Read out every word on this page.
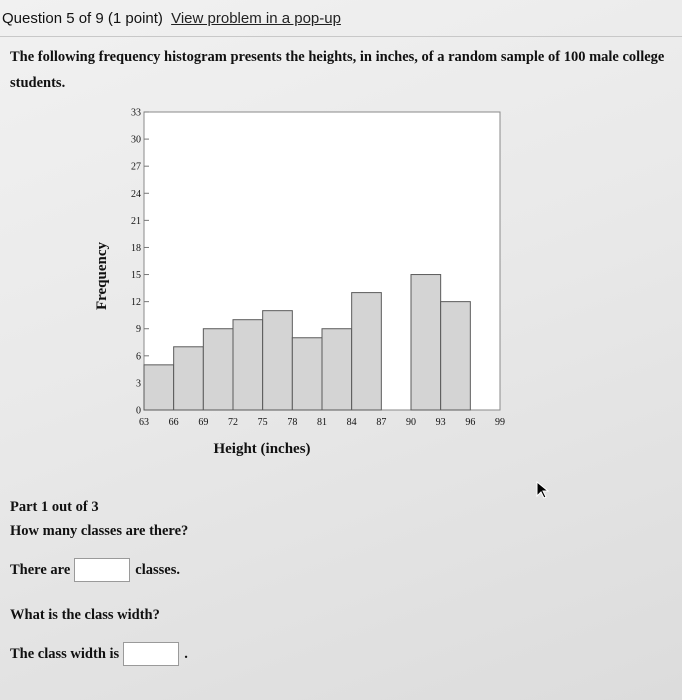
Question 5 of 9 (1 point) View problem in a pop-up
The following frequency histogram presents the heights, in inches, of a random sample of 100 male college students.
0
3
6
9
12
15
18
21
24
27
30
33
63 66 69 72 75 78 81 84 87 90 93 96 99
Height (inches)
Frequency
Part 1 out of 3
How many classes are there?
There are	classes.
What is the class width?
The class width is	.
